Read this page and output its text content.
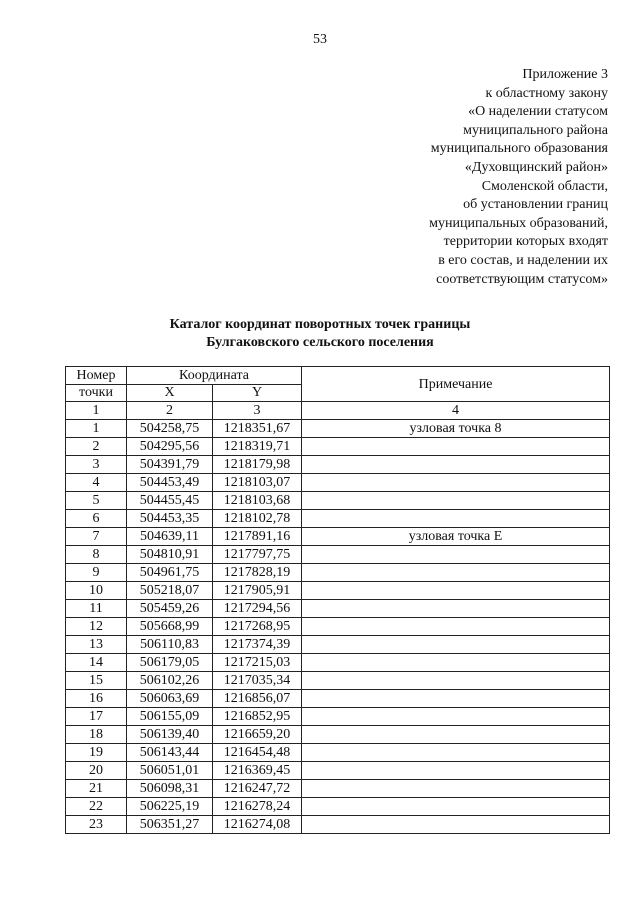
53
Приложение 3
к областному закону
«О наделении статусом
муниципального района
муниципального образования
«Духовщинский район»
Смоленской области,
об установлении границ
муниципальных образований,
территории которых входят
в его состав, и наделении их
соответствующим статусом»
Каталог координат поворотных точек границы
Булгаковского сельского поселения
Номер	Координата		Примечание
точки	X	Y	
1	2	3	4
1	504258,75	1218351,67	узловая точка 8
2	504295,56	1218319,71	
3	504391,79	1218179,98	
4	504453,49	1218103,07	
5	504455,45	1218103,68	
6	504453,35	1218102,78	
7	504639,11	1217891,16	узловая точка Е
8	504810,91	1217797,75	
9	504961,75	1217828,19	
10	505218,07	1217905,91	
11	505459,26	1217294,56	
12	505668,99	1217268,95	
13	506110,83	1217374,39	
14	506179,05	1217215,03	
15	506102,26	1217035,34	
16	506063,69	1216856,07	
17	506155,09	1216852,95	
18	506139,40	1216659,20	
19	506143,44	1216454,48	
20	506051,01	1216369,45	
21	506098,31	1216247,72	
22	506225,19	1216278,24	
23	506351,27	1216274,08	
